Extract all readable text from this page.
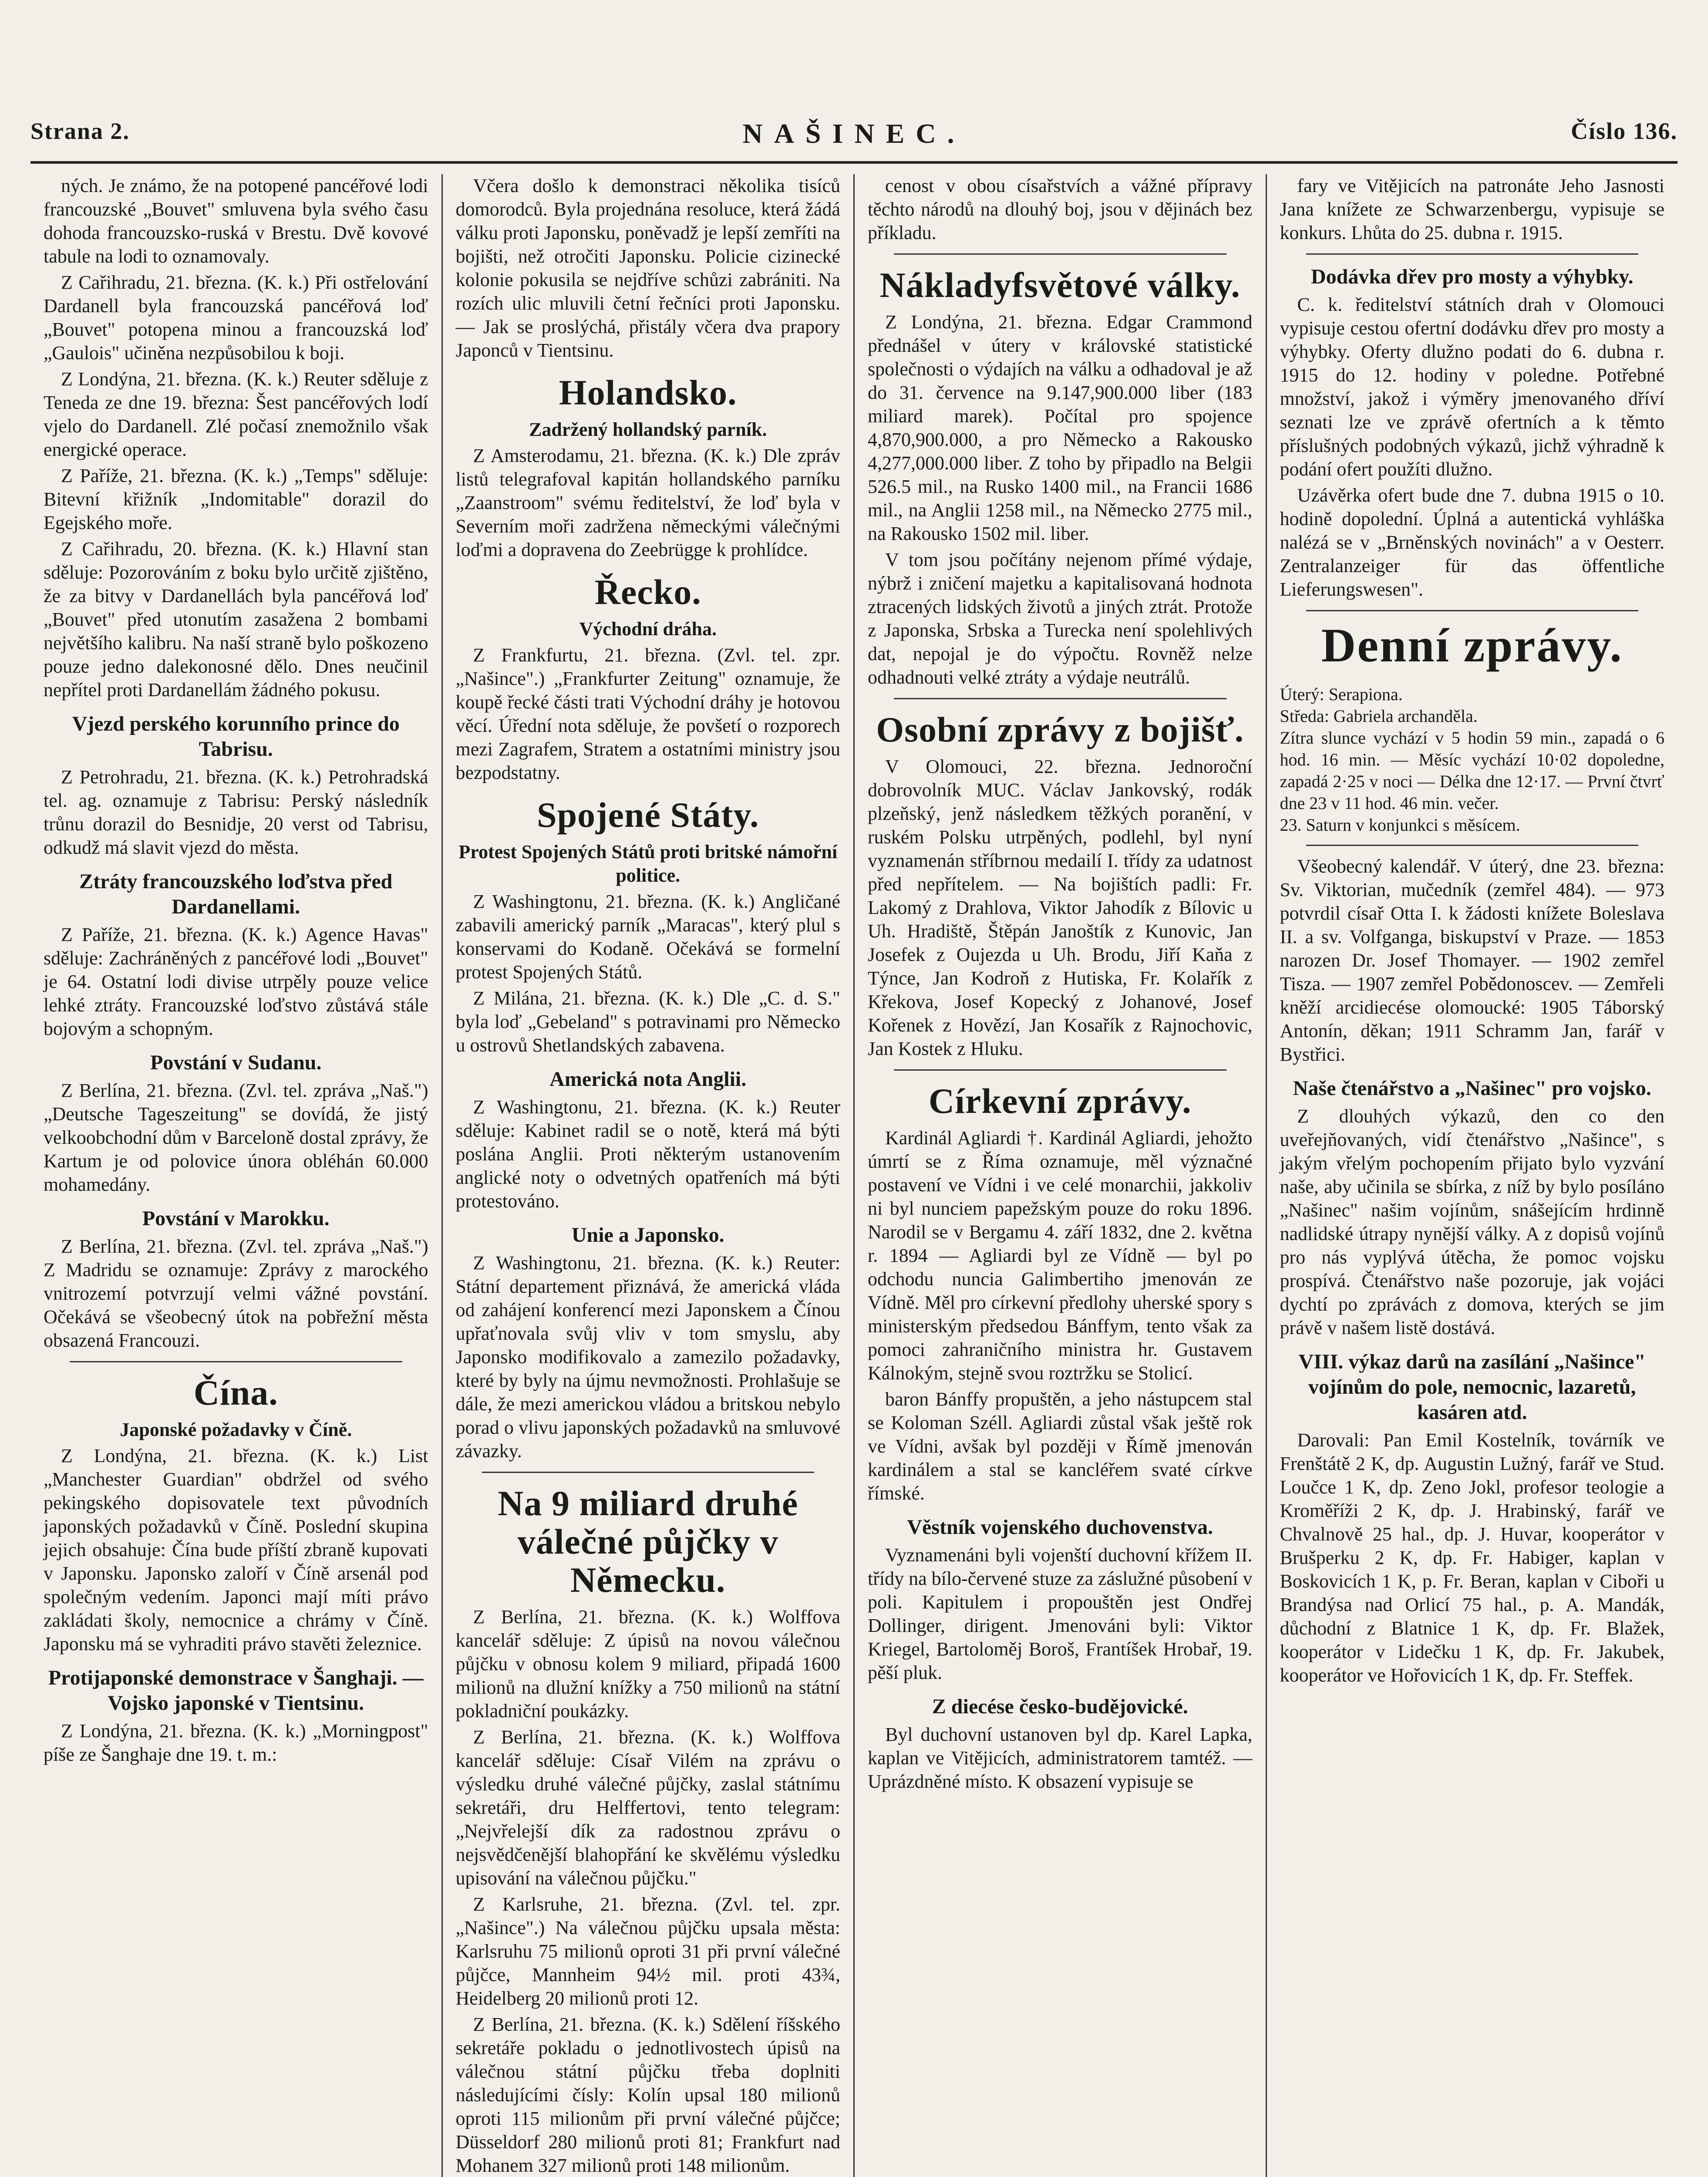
Strana 2.	NAŠINEC.	Číslo 136.

ných. Je známo, že na potopené pancéřové lodi francouzské „Bouvet" smluvena byla svého času dohoda francouzsko-ruská v Brestu. Dvě kovové tabule na lodi to oznamovaly.

Z Cařihradu, 21. března. (K. k.) Při ostřelování Dardanell byla francouzská pancéřová loď „Bouvet" potopena minou a francouzská loď „Gaulois" učiněna nezpůsobilou k boji.

Z Londýna, 21. března. (K. k.) Reuter sděluje z Teneda ze dne 19. března: Šest pancéřových lodí vjelo do Dardanell. Zlé počasí znemožnilo však energické operace.

Z Paříže, 21. března. (K. k.) „Temps" sděluje: Bitevní křižník „Indomitable" dorazil do Egejského moře.

Z Cařihradu, 20. března. (K. k.) Hlavní stan sděluje: Pozorováním z boku bylo určitě zjištěno, že za bitvy v Dardanellách byla pancéřová loď „Bouvet" před utonutím zasažena 2 bombami největšího kalibru. Na naší straně bylo poškozeno pouze jedno dalekonosné dělo. Dnes neučinil nepřítel proti Dardanellám žádného pokusu.

Vjezd perského korunního prince do Tabrisu.

Z Petrohradu, 21. března. (K. k.) Petrohradská tel. ag. oznamuje z Tabrisu: Perský následník trůnu dorazil do Besnidje, 20 verst od Tabrisu, odkudž má slavit vjezd do města.

Ztráty francouzského loďstva před Dardanellami.

Z Paříže, 21. března. (K. k.) Agence Havas" sděluje: Zachráněných z pancéřové lodi „Bouvet" je 64. Ostatní lodi divise utrpěly pouze velice lehké ztráty. Francouzské loďstvo zůstává stále bojovým a schopným.

Povstání v Sudanu.

Z Berlína, 21. března. (Zvl. tel. zpráva „Naš.") „Deutsche Tageszeitung" se dovídá, že jistý velkoobchodní dům v Barceloně dostal zprávy, že Kartum je od polovice února obléhán 60.000 mohamedány.

Povstání v Marokku.

Z Berlína, 21. března. (Zvl. tel. zpráva „Naš.") Z Madridu se oznamuje: Zprávy z marockého vnitrozemí potvrzují velmi vážné povstání. Očekává se všeobecný útok na pobřežní města obsazená Francouzi.

Čína.
Japonské požadavky v Číně.

Z Londýna, 21. března. (K. k.) List „Manchester Guardian" obdržel od svého pekingského dopisovatele text původních japonských požadavků v Číně. Poslední skupina jejich obsahuje: Čína bude příští zbraně kupovati v Japonsku. Japonsko zaloří v Číně arsenál pod společným vedením. Japonci mají míti právo zakládati školy, nemocnice a chrámy v Číně. Japonsku má se vyhraditi právo stavěti železnice.

Protijaponské demonstrace v Šanghaji. — Vojsko japonské v Tientsinu.

Z Londýna, 21. března. (K. k.) „Morningpost" píše ze Šanghaje dne 19. t. m.:

Včera došlo k demonstraci několika tisíců domorodců. Byla projednána resoluce, která žádá válku proti Japonsku, poněvadž je lepší zemříti na bojišti, než otročiti Japonsku. Policie cizinecké kolonie pokusila se nejdříve schůzi zabrániti. Na rozích ulic mluvili četní řečníci proti Japonsku. — Jak se proslýchá, přistály včera dva prapory Japonců v Tientsinu.

Holandsko.
Zadržený hollandský parník.

Z Amsterodamu, 21. března. (K. k.) Dle zpráv listů telegrafoval kapitán hollandského parníku „Zaanstroom" svému ředitelství, že loď byla v Severním moři zadržena německými válečnými loďmi a dopravena do Zeebrügge k prohlídce.

Řecko.
Východní dráha.

Z Frankfurtu, 21. března. (Zvl. tel. zpr. „Našince".) „Frankfurter Zeitung" oznamuje, že koupě řecké části trati Východní dráhy je hotovou věcí. Úřední nota sděluje, že povšetí o rozporech mezi Zagrafem, Stratem a ostatními ministry jsou bezpodstatny.

Spojené Státy.
Protest Spojených Států proti britské námořní politice.

Z Washingtonu, 21. března. (K. k.) Angličané zabavili americký parník „Maracas", který plul s konservami do Kodaně. Očekává se formelní protest Spojených Států.

Z Milána, 21. března. (K. k.) Dle „C. d. S." byla loď „Gebeland" s potravinami pro Německo u ostrovů Shetlandských zabavena.

Americká nota Anglii.

Z Washingtonu, 21. března. (K. k.) Reuter sděluje: Kabinet radil se o notě, která má býti poslána Anglii. Proti některým ustanovením anglické noty o odvetných opatřeních má býti protestováno.

Unie a Japonsko.

Z Washingtonu, 21. března. (K. k.) Reuter: Státní departement přiznává, že americká vláda od zahájení konferencí mezi Japonskem a Čínou upřaťnovala svůj vliv v tom smyslu, aby Japonsko modifikovalo a zamezilo požadavky, které by byly na újmu nevmožnosti. Prohlašuje se dále, že mezi americkou vládou a britskou nebylo porad o vlivu japonských požadavků na smluvové závazky.

Na 9 miliard druhé válečné půjčky v Německu.

Z Berlína, 21. března. (K. k.) Wolffova kancelář sděluje: Z úpisů na novou válečnou půjčku v obnosu kolem 9 miliard, připadá 1600 milionů na dlužní knížky a 750 milionů na státní pokladniční poukázky.

Z Berlína, 21. března. (K. k.) Wolffova kancelář sděluje: Císař Vilém na zprávu o výsledku druhé válečné půjčky, zaslal státnímu sekretáři, dru Helffertovi, tento telegram: „Nejvřelejší dík za radostnou zprávu o nejsvědčenější blahopřání ke skvělému výsledku upisování na válečnou půjčku."

Z Karlsruhe, 21. března. (Zvl. tel. zpr. „Našince".) Na válečnou půjčku upsala města: Karlsruhu 75 milionů oproti 31 při první válečné půjčce, Mannheim 94½ mil. proti 43¾, Heidelberg 20 milionů proti 12.

Z Berlína, 21. března. (K. k.) Sdělení říšského sekretáře pokladu o jednotlivostech úpisů na válečnou státní půjčku třeba doplniti následujícími čísly: Kolín upsal 180 milionů oproti 115 milionům při první válečné půjčce; Düsseldorf 280 milionů proti 81; Frankfurt nad Mohanem 327 milionů proti 148 milionům.

cenost v obou císařstvích a vážné přípravy těchto národů na dlouhý boj, jsou v dějinách bez příkladu.

Nákladyfsvětové války.

Z Londýna, 21. března. Edgar Crammond přednášel v útery v královské statistické společnosti o výdajích na válku a odhadoval je až do 31. července na 9.147,900.000 liber (183 miliard marek). Počítal pro spojence 4,870,900.000, a pro Německo a Rakousko 4,277,000.000 liber. Z toho by připadlo na Belgii 526.5 mil., na Rusko 1400 mil., na Francii 1686 mil., na Anglii 1258 mil., na Německo 2775 mil., na Rakousko 1502 mil. liber.

V tom jsou počítány nejenom přímé výdaje, nýbrž i zničení majetku a kapitalisovaná hodnota ztracených lidských životů a jiných ztrát. Protože z Japonska, Srbska a Turecka není spolehlivých dat, nepojal je do výpočtu. Rovněž nelze odhadnouti velké ztráty a výdaje neutrálů.

Osobní zprávy z bojišť.

V Olomouci, 22. března. Jednoroční dobrovolník MUC. Václav Jankovský, rodák plzeňský, jenž následkem těžkých poranění, v ruském Polsku utrpěných, podlehl, byl nyní vyznamenán stříbrnou medailí I. třídy za udatnost před nepřítelem. — Na bojištích padli: Fr. Lakomý z Drahlova, Viktor Jahodík z Bílovic u Uh. Hradiště, Štěpán Janoštík z Kunovic, Jan Josefek z Oujezda u Uh. Brodu, Jiří Kaňa z Týnce, Jan Kodroň z Hutiska, Fr. Kolařík z Křekova, Josef Kopecký z Johanové, Josef Kořenek z Hovězí, Jan Kosařík z Rajnochovic, Jan Kostek z Hluku.

Církevní zprávy.

Kardinál Agliardi †. Kardinál Agliardi, jehožto úmrtí se z Říma oznamuje, měl význačné postavení ve Vídni i ve celé monarchii, jakkoliv ni byl nunciem papežským pouze do roku 1896. Narodil se v Bergamu 4. září 1832, dne 2. května r. 1894 — Agliardi byl ze Vídně — byl po odchodu nuncia Galimbertiho jmenován ze Vídně. Měl pro církevní předlohy uherské spory s ministerským předsedou Bánffym, tento však za pomoci zahraničního ministra hr. Gustavem Kálnokým, stejně svou roztržku se Stolicí.

baron Bánffy propuštěn, a jeho nástupcem stal se Koloman Széll. Agliardi zůstal však ještě rok ve Vídni, avšak byl později v Římě jmenován kardinálem a stal se kancléřem svaté církve římské.

Věstník vojenského duchovenstva.

Vyznamenáni byli vojenští duchovní křížem II. třídy na bílo-červené stuze za záslužné působení v poli. Kapitulem i propouštěn jest Ondřej Dollinger, dirigent. Jmenováni byli: Viktor Kriegel, Bartoloměj Boroš, Frantíšek Hrobař, 19. pěší pluk.

Z diecése česko-budějovické.

Byl duchovní ustanoven byl dp. Karel Lapka, kaplan ve Vitějicích, administratorem tamtéž. — Uprázdněné místo. K obsazení vypisuje se

fary ve Vitějicích na patronáte Jeho Jasnosti Jana knížete ze Schwarzenbergu, vypisuje se konkurs. Lhůta do 25. dubna r. 1915.

Dodávka dřev pro mosty a výhybky.

C. k. ředitelství státních drah v Olomouci vypisuje cestou ofertní dodávku dřev pro mosty a výhybky. Oferty dlužno podati do 6. dubna r. 1915 do 12. hodiny v poledne. Potřebné množství, jakož i výměry jmenovaného dříví seznati lze ve zprávě ofertních a k těmto příslušných podobných výkazů, jichž výhradně k podání ofert použíti dlužno.

Uzávěrka ofert bude dne 7. dubna 1915 o 10. hodině dopolední. Úplná a autentická vyhláška nalézá se v „Brněnských novinách" a v Oesterr. Zentralanzeiger für das öffentliche Lieferungswesen".

Denní zprávy.
Úterý: Serapiona.
Středa: Gabriela archanděla.
Zítra slunce vychází v 5 hodin 59 min., zapadá o 6 hod. 16 min. — Měsíc vychází 10·02 dopoledne, zapadá 2·25 v noci — Délka dne 12·17. — První čtvrť dne 23 v 11 hod. 46 min. večer.
23. Saturn v konjunkci s měsícem.

Všeobecný kalendář. V úterý, dne 23. března: Sv. Viktorian, mučedník (zemřel 484). — 973 potvrdil císař Otta I. k žádosti knížete Boleslava II. a sv. Volfganga, biskupství v Praze. — 1853 narozen Dr. Josef Thomayer. — 1902 zemřel Tisza. — 1907 zemřel Pobědonoscev. — Zemřeli kněží arcidiecése olomoucké: 1905 Táborský Antonín, děkan; 1911 Schramm Jan, farář v Bystřici.

Naše čtenářstvo a „Našinec" pro vojsko.

Z dlouhých výkazů, den co den uveřejňovaných, vidí čtenářstvo „Našince", s jakým vřelým pochopením přijato bylo vyzvání naše, aby učinila se sbírka, z níž by bylo posíláno „Našinec" našim vojínům, snášejícím hrdinně nadlidské útrapy nynější války. A z dopisů vojínů pro nás vyplývá útěcha, že pomoc vojsku prospívá. Čtenářstvo naše pozoruje, jak vojáci dychtí po zprávách z domova, kterých se jim právě v našem listě dostává.

VIII. výkaz darů na zasílání „Našince" vojínům do pole, nemocnic, lazaretů, kasáren atd.

Darovali: Pan Emil Kostelník, továrník ve Frenštátě 2 K, dp. Augustin Lužný, farář ve Stud. Loučce 1 K, dp. Zeno Jokl, profesor teologie a Kroměříži 2 K, dp. J. Hrabinský, farář ve Chvalnově 25 hal., dp. J. Huvar, kooperátor v Brušperku 2 K, dp. Fr. Habiger, kaplan v Boskovicích 1 K, p. Fr. Beran, kaplan v Ciboři u Brandýsa nad Orlicí 75 hal., p. A. Mandák, důchodní z Blatnice 1 K, dp. Fr. Blažek, kooperátor v Lidečku 1 K, dp. Fr. Jakubek, kooperátor ve Hořovicích 1 K, dp. Fr. Steffek.
